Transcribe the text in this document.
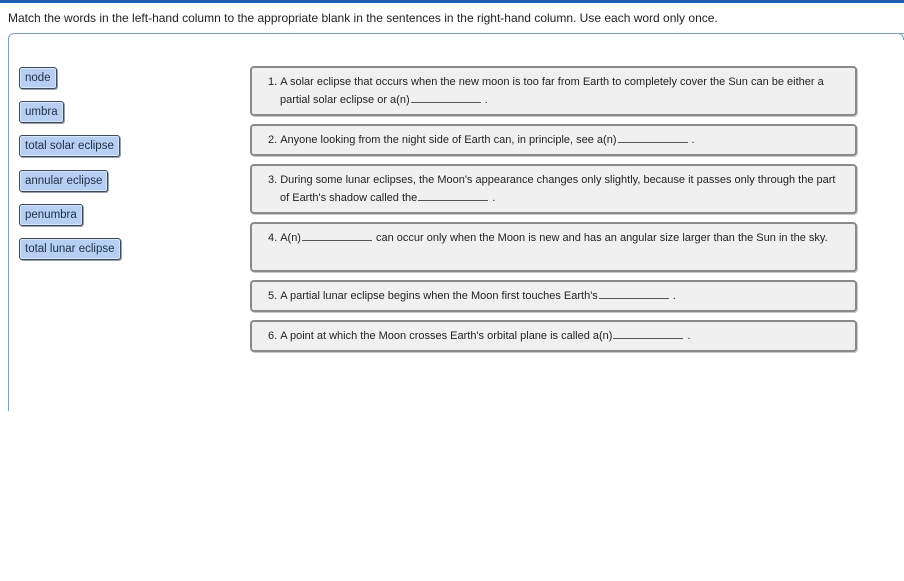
Match the words in the left-hand column to the appropriate blank in the sentences in the right-hand column. Use each word only once.
node
umbra
total solar eclipse
annular eclipse
penumbra
total lunar eclipse
1. A solar eclipse that occurs when the new moon is too far from Earth to completely cover the Sun can be either a partial solar eclipse or a(n)	.
2. Anyone looking from the night side of Earth can, in principle, see a(n)	.
3. During some lunar eclipses, the Moon's appearance changes only slightly, because it passes only through the part of Earth's shadow called the	.
4. A(n)	can occur only when the Moon is new and has an angular size larger than the Sun in the sky.
5. A partial lunar eclipse begins when the Moon first touches Earth's	.
6. A point at which the Moon crosses Earth's orbital plane is called a(n)	.
